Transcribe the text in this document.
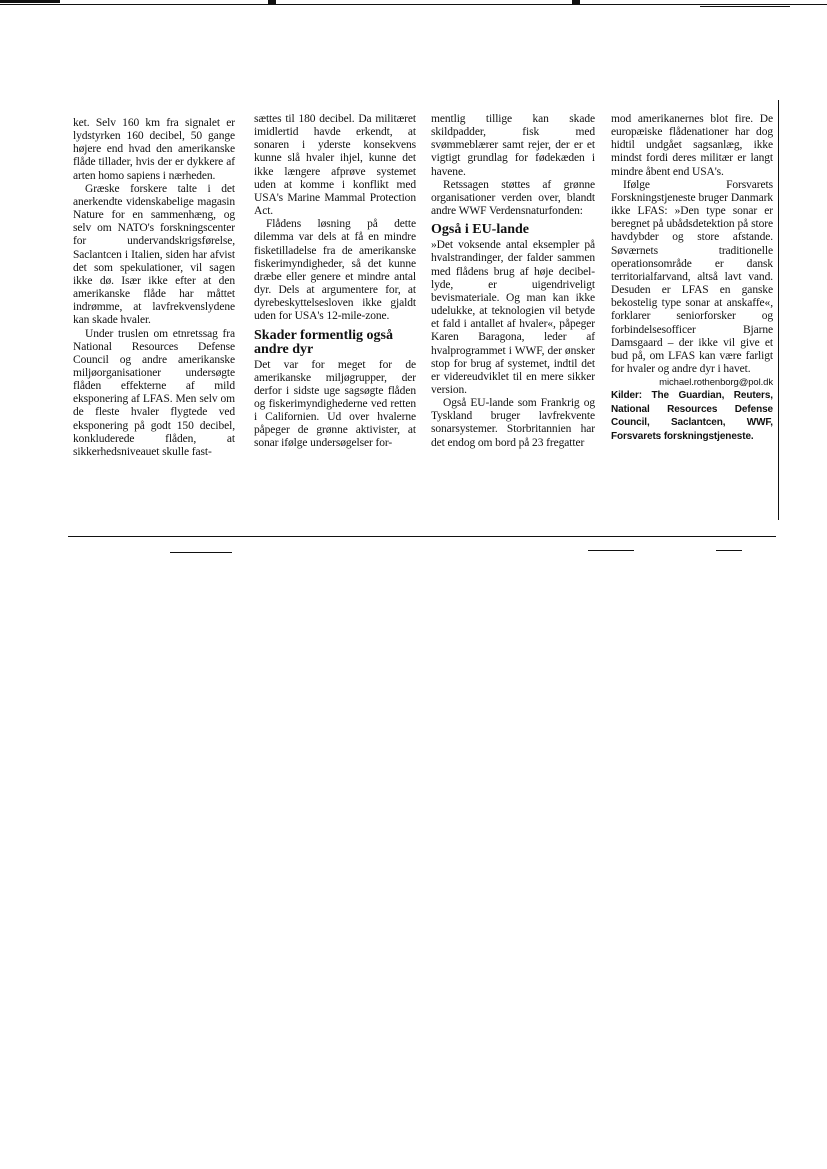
ket. Selv 160 km fra signalet er lydstyrken 160 decibel, 50 gange højere end hvad den amerikanske flåde tillader, hvis der er dykkere af arten homo sapiens i nærheden.

Græske forskere talte i det anerkendte videnskabelige magasin Nature for en sammenhæng, og selv om NATO's forskningscenter for undervandskrigsførelse, Saclantcen i Italien, siden har afvist det som spekulationer, vil sagen ikke dø. Især ikke efter at den amerikanske flåde har måttet indrømme, at lavfrekvenslydene kan skade hvaler.

Under truslen om etnretssag fra National Resources Defense Council og andre amerikanske miljøorganisationer undersøgte flåden effekterne af mild eksponering af LFAS. Men selv om de fleste hvaler flygtede ved eksponering på godt 150 decibel, konkluderede flåden, at sikkerhedsniveauet skulle fast-

sættes til 180 decibel. Da militæret imidlertid havde erkendt, at sonaren i yderste konsekvens kunne slå hvaler ihjel, kunne det ikke længere afprøve systemet uden at komme i konflikt med USA's Marine Mammal Protection Act.

Flådens løsning på dette dilemma var dels at få en mindre fisketilladelse fra de amerikanske fiskerimyndigheder, så det kunne dræbe eller genere et mindre antal dyr. Dels at argumentere for, at dyrebeskyttelsesloven ikke gjaldt uden for USA's 12-mile-zone.

Skader formentlig også andre dyr

Det var for meget for de amerikanske miljøgrupper, der derfor i sidste uge sagsøgte flåden og fiskerimyndighederne ved retten i Californien. Ud over hvalerne påpeger de grønne aktivister, at sonar ifølge undersøgelser for-

mentlig tillige kan skade skildpadder, fisk med svømmeblærer samt rejer, der er et vigtigt grundlag for fødekæden i havene.

Retssagen støttes af grønne organisationer verden over, blandt andre WWF Verdensnaturfonden:

Også i EU-lande

»Det voksende antal eksempler på hvalstrandinger, der falder sammen med flådens brug af høje decibel-lyde, er uigendriveligt bevismateriale. Og man kan ikke udelukke, at teknologien vil betyde et fald i antallet af hvaler«, påpeger Karen Baragona, leder af hvalprogrammet i WWF, der ønsker stop for brug af systemet, indtil det er videreudviklet til en mere sikker version.

Også EU-lande som Frankrig og Tyskland bruger lavfrekvente sonarsystemer. Storbritannien har det endog om bord på 23 fregatter

mod amerikanernes blot fire. De europæiske flådenationer har dog hidtil undgået sagsanlæg, ikke mindst fordi deres militær er langt mindre åbent end USA's.

Ifølge Forsvarets Forskningstjeneste bruger Danmark ikke LFAS: »Den type sonar er beregnet på ubådsdetektion på store havdybder og store afstande. Søværnets traditionelle operationsområde er dansk territorialfarvand, altså lavt vand. Desuden er LFAS en ganske bekostelig type sonar at anskaffe«, forklarer seniorforsker og forbindelsesofficer Bjarne Damsgaard – der ikke vil give et bud på, om LFAS kan være farligt for hvaler og andre dyr i havet.

michael.rothenborg@pol.dk

Kilder: The Guardian, Reuters, National Resources Defense Council, Saclantcen, WWF, Forsvarets forskningstjeneste.
